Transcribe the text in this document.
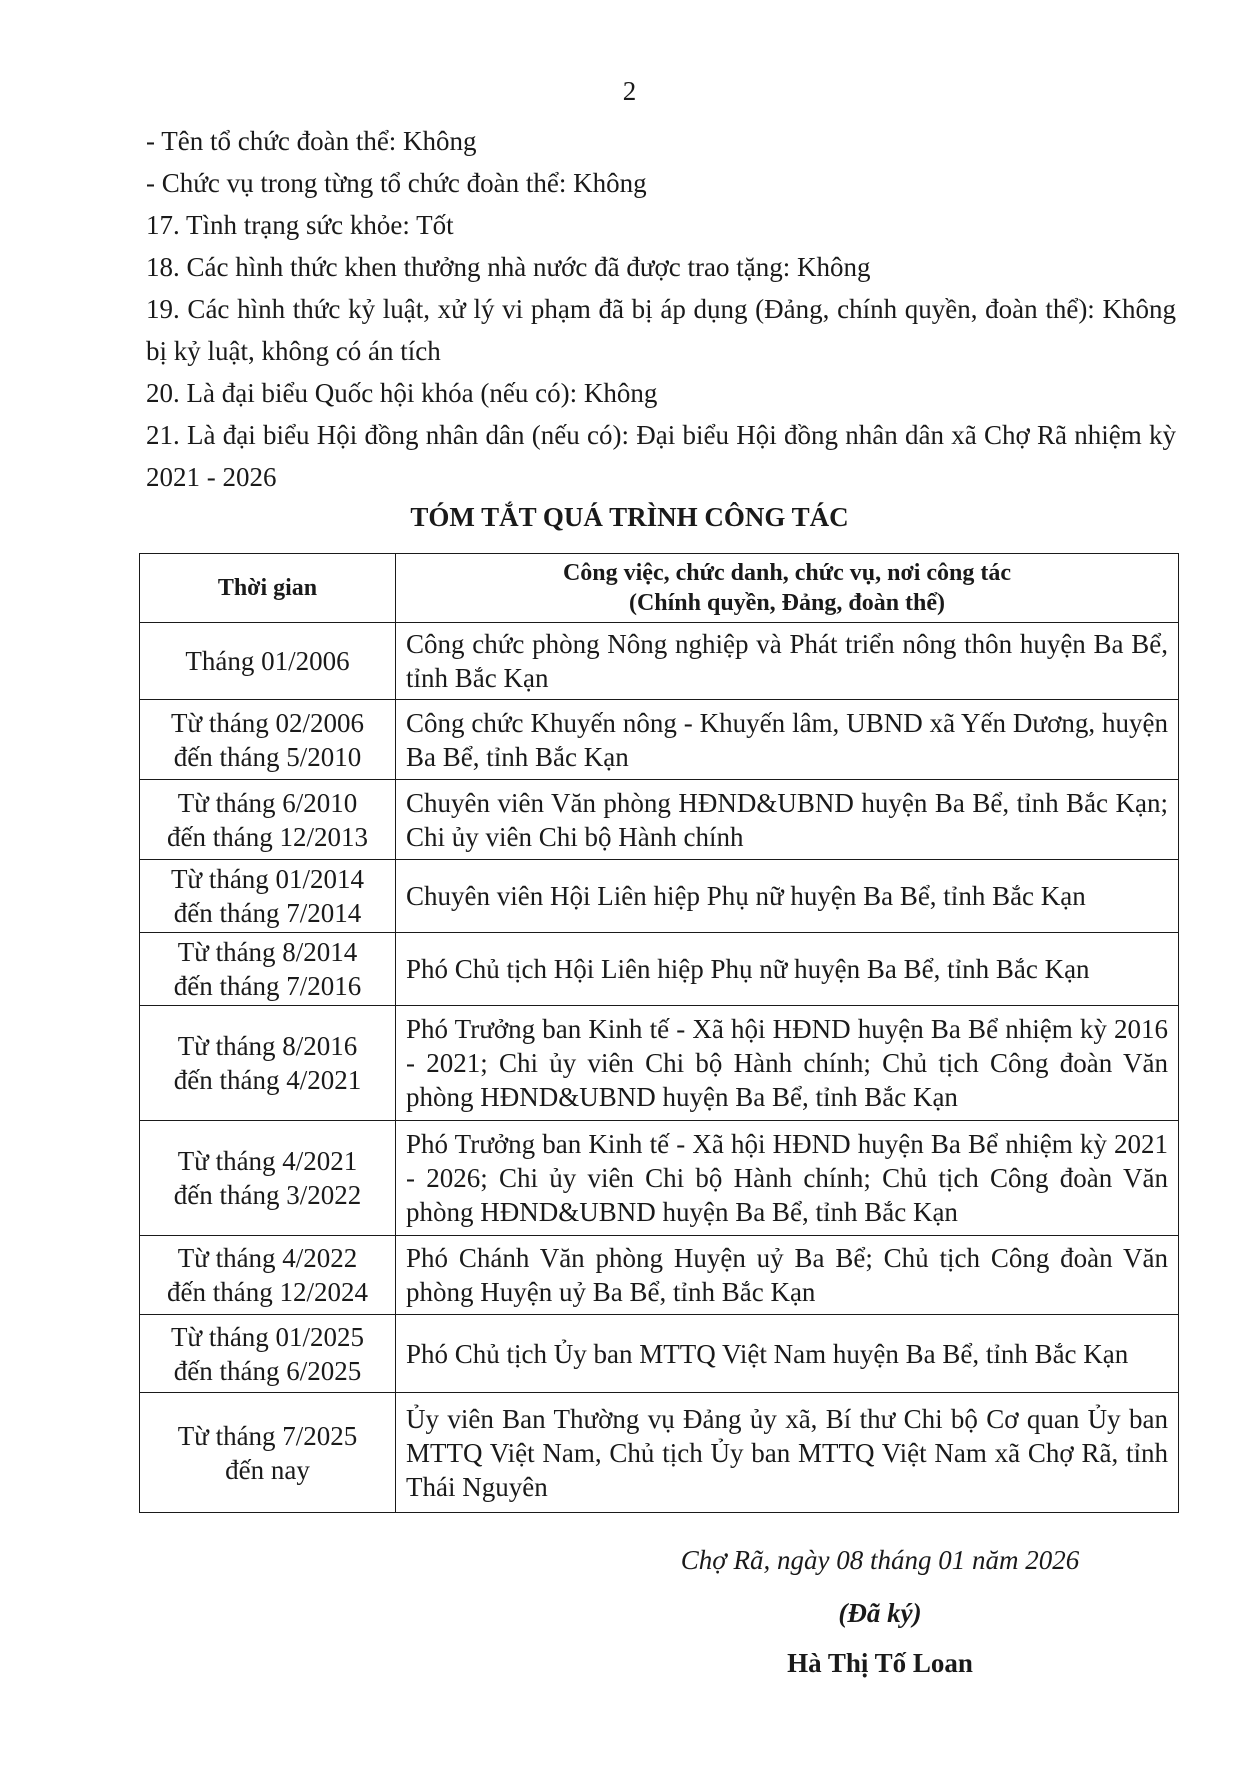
2

- Tên tổ chức đoàn thể: Không

- Chức vụ trong từng tổ chức đoàn thể: Không

17. Tình trạng sức khỏe: Tốt

18. Các hình thức khen thưởng nhà nước đã được trao tặng: Không

19. Các hình thức kỷ luật, xử lý vi phạm đã bị áp dụng (Đảng, chính quyền, đoàn thể): Không bị kỷ luật, không có án tích

20. Là đại biểu Quốc hội khóa (nếu có): Không

21. Là đại biểu Hội đồng nhân dân (nếu có): Đại biểu Hội đồng nhân dân xã Chợ Rã nhiệm kỳ 2021 - 2026

TÓM TẮT QUÁ TRÌNH CÔNG TÁC
Thời gian	Công việc, chức danh, chức vụ, nơi công tác
(Chính quyền, Đảng, đoàn thể)

Tháng 01/2006	Công chức phòng Nông nghiệp và Phát triển nông thôn huyện Ba Bể, tỉnh Bắc Kạn

Từ tháng 02/2006
đến tháng 5/2010	Công chức Khuyến nông - Khuyến lâm, UBND xã Yến Dương, huyện Ba Bể, tỉnh Bắc Kạn

Từ tháng 6/2010
đến tháng 12/2013	Chuyên viên Văn phòng HĐND&UBND huyện Ba Bể, tỉnh Bắc Kạn; Chi ủy viên Chi bộ Hành chính

Từ tháng 01/2014
đến tháng 7/2014	Chuyên viên Hội Liên hiệp Phụ nữ huyện Ba Bể, tỉnh Bắc Kạn

Từ tháng 8/2014
đến tháng 7/2016	Phó Chủ tịch Hội Liên hiệp Phụ nữ huyện Ba Bể, tỉnh Bắc Kạn

Từ tháng 8/2016
đến tháng 4/2021	Phó Trưởng ban Kinh tế - Xã hội HĐND huyện Ba Bể nhiệm kỳ 2016 - 2021; Chi ủy viên Chi bộ Hành chính; Chủ tịch Công đoàn Văn phòng HĐND&UBND huyện Ba Bể, tỉnh Bắc Kạn

Từ tháng 4/2021
đến tháng 3/2022	Phó Trưởng ban Kinh tế - Xã hội HĐND huyện Ba Bể nhiệm kỳ 2021 - 2026; Chi ủy viên Chi bộ Hành chính; Chủ tịch Công đoàn Văn phòng HĐND&UBND huyện Ba Bể, tỉnh Bắc Kạn

Từ tháng 4/2022
đến tháng 12/2024	Phó Chánh Văn phòng Huyện uỷ Ba Bể; Chủ tịch Công đoàn Văn phòng Huyện uỷ Ba Bể, tỉnh Bắc Kạn

Từ tháng 01/2025
đến tháng 6/2025	Phó Chủ tịch Ủy ban MTTQ Việt Nam huyện Ba Bể, tỉnh Bắc Kạn

Từ tháng 7/2025
đến nay	Ủy viên Ban Thường vụ Đảng ủy xã, Bí thư Chi bộ Cơ quan Ủy ban MTTQ Việt Nam, Chủ tịch Ủy ban MTTQ Việt Nam xã Chợ Rã, tỉnh Thái Nguyên
Chợ Rã, ngày 08 tháng 01 năm 2026
(Đã ký)
Hà Thị Tố Loan
